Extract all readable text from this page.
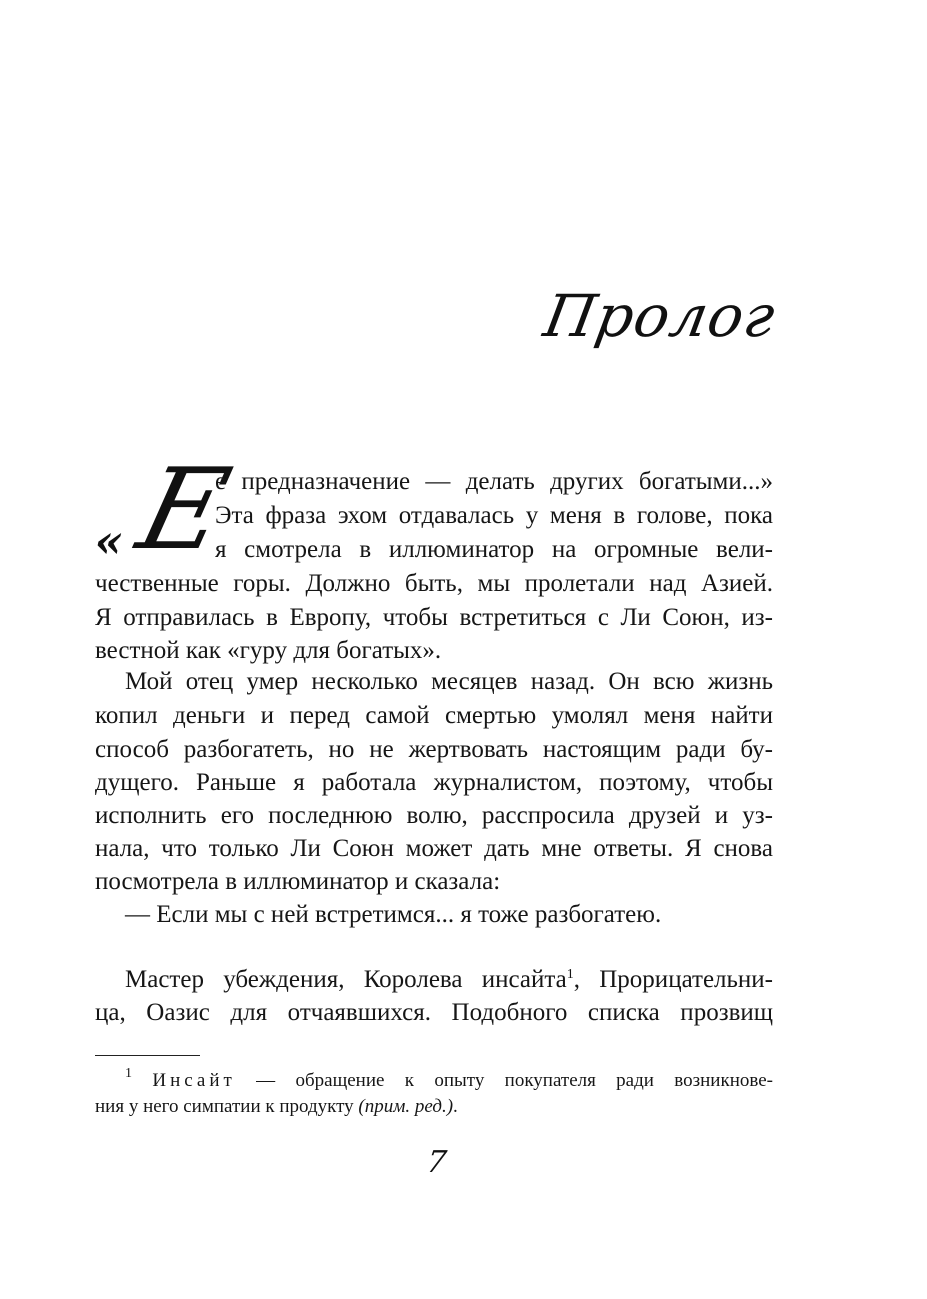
Пролог
«
Е
е предназначение — делать других богатыми...»
Эта фраза эхом отдавалась у меня в голове, пока
я смотрела в иллюминатор на огромные вели-
чественные горы. Должно быть, мы пролетали над Азией.
Я отправилась в Европу, чтобы встретиться с Ли Союн, из-
вестной как «гуру для богатых».
Мой отец умер несколько месяцев назад. Он всю жизнь
копил деньги и перед самой смертью умолял меня найти
способ разбогатеть, но не жертвовать настоящим ради бу-
дущего. Раньше я работала журналистом, поэтому, чтобы
исполнить его последнюю волю, расспросила друзей и уз-
нала, что только Ли Союн может дать мне ответы. Я снова
посмотрела в иллюминатор и сказала:
— Если мы с ней встретимся... я тоже разбогатею.
Мастер убеждения, Королева инсайта$^1$, Прорицательни-
ца, Оазис для отчаявшихся. Подобного списка прозвищ
$^1$ Инсайт — обращение к опыту покупателя ради возникнове-
ния у него симпатии к продукту (прим. ред.).
7
